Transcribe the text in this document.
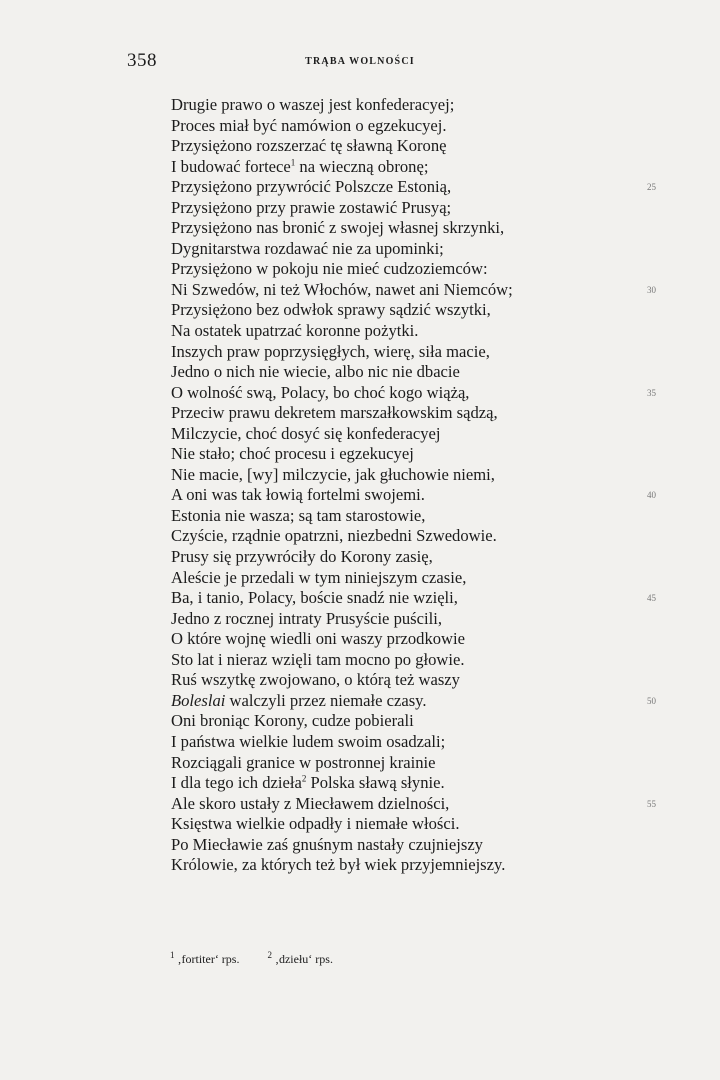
358	TRĄBA WOLNOŚCI
Drugie prawo o waszej jest konfederacyej;
Proces miał być namówion o egzekucyej.
Przysiężono rozszerzać tę sławną Koronę
I budować fortece$^1$ na wieczną obronę;
Przysiężono przywrócić Polszcze Estonią,	25
Przysiężono przy prawie zostawić Prusyą;
Przysiężono nas bronić z swojej własnej skrzynki,
Dygnitarstwa rozdawać nie za upominki;
Przysiężono w pokoju nie mieć cudzoziemców:
Ni Szwedów, ni też Włochów, nawet ani Niemców;	30
Przysiężono bez odwłok sprawy sądzić wszytki,
Na ostatek upatrzać koronne pożytki.
Inszych praw poprzysięgłych, wierę, siła macie,
Jedno o nich nie wiecie, albo nic nie dbacie
O wolność swą, Polacy, bo choć kogo wiążą,	35
Przeciw prawu dekretem marszałkowskim sądzą,
Milczycie, choć dosyć się konfederacyej
Nie stało; choć procesu i egzekucyej
Nie macie, [wy] milczycie, jak głuchowie niemi,
A oni was tak łowią fortelmi swojemi.	40
Estonia nie wasza; są tam starostowie,
Czyście, rządnie opatrzni, niezbedni Szwedowie.
Prusy się przywróciły do Korony zasię,
Aleście je przedali w tym niniejszym czasie,
Ba, i tanio, Polacy, boście snadź nie wzięli,	45
Jedno z rocznej intraty Prusyście puścili,
O które wojnę wiedli oni waszy przodkowie
Sto lat i nieraz wzięli tam mocno po głowie.
Ruś wszytkę zwojowano, o którą też waszy
Boleslai walczyli przez niemałe czasy.	50
Oni broniąc Korony, cudze pobierali
I państwa wielkie ludem swoim osadzali;
Rozciągali granice w postronnej krainie
I dla tego ich dzieła$^2$ Polska sławą słynie.
Ale skoro ustały z Miecławem dzielności,	55
Księstwa wielkie odpadły i niemałe włości.
Po Miecławie zaś gnuśnym nastały czujniejszy
Królowie, za których też był wiek przyjemniejszy.
$^1$ ‚fortiter‘ rps.	$^2$ ‚dziełu‘ rps.
